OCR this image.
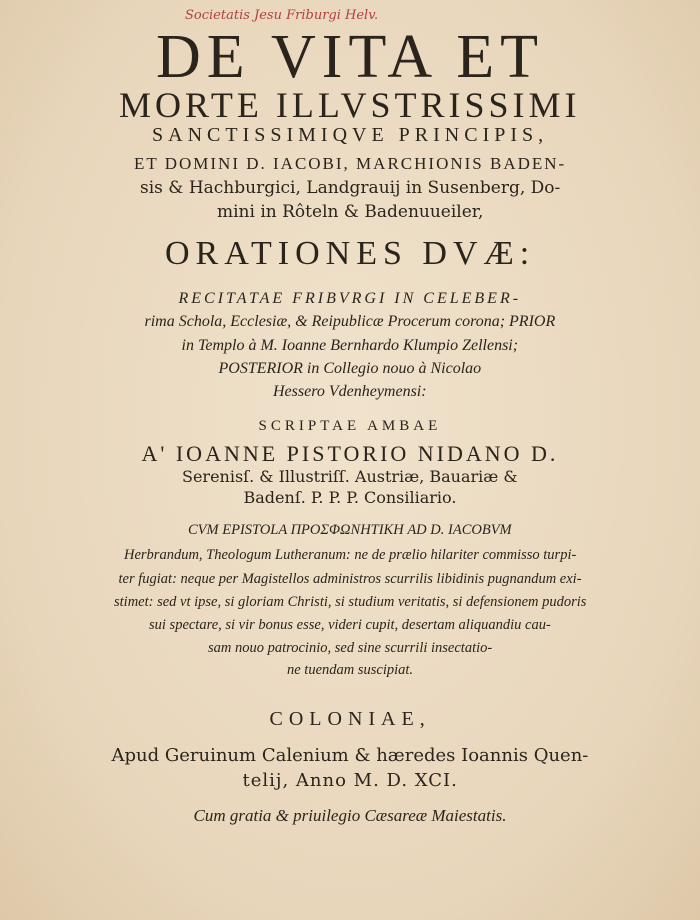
Societatis Jesu Friburgi Helv.
DE VITA ET
MORTE ILLVSTRISSIMI
SANCTISSIMIQVE PRINCIPIS,
ET DOMINI D. IACOBI, MARCHIONIS BADEN-
sis & Hachburgici, Landgrauij in Susenberg, Do-
mini in Rôteln & Badenuueiler,
ORATIONES DVÆ:
RECITATAE FRIBVRGI IN CELEBER-
rima Schola, Ecclesiæ, & Reipublicæ Procerum corona; PRIOR
in Templo à M. Ioanne Bernhardo Klumpio Zellensi;
POSTERIOR in Collegio nouo à Nicolao
Hessero Vdenheymensi:
SCRIPTAE AMBAE
A' IOANNE PISTORIO NIDANO D.
Serenisſ. & Illustriſſ. Austriæ, Bauariæ &
Badenſ. P. P. P. Consiliario.
CVM EPISTOLA ΠΡΟΣΦΩΝΗΤΙΚΗ AD D. IACOBVM
Herbrandum, Theologum Lutheranum: ne de prælio hilariter commisso turpi-
ter fugiat: neque per Magistellos administros scurrilis libidinis pugnandum exi-
stimet: sed vt ipse, si gloriam Christi, si studium veritatis, si defensionem pudoris
sui spectare, si vir bonus esse, videri cupit, desertam aliquandiu cau-
sam nouo patrocinio, sed sine scurrili insectatio-
ne tuendam suscipiat.
COLONIAE,
Apud Geruinum Calenium & hæredes Ioannis Quen-
telij, Anno M. D. XCI.
Cum gratia & priuilegio Cæsareæ Maiestatis.
